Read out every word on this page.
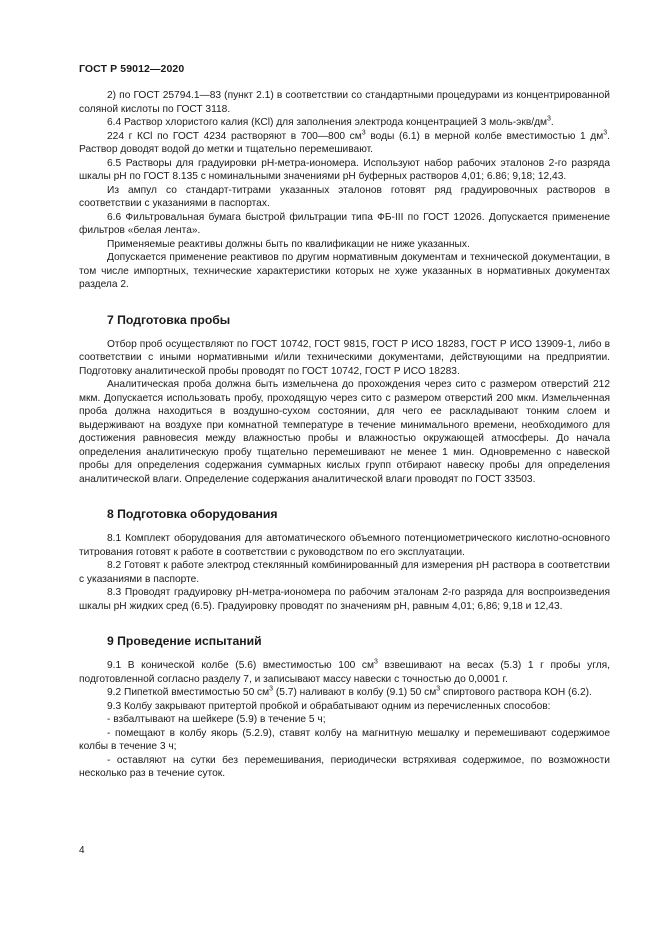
ГОСТ Р 59012—2020

2) по ГОСТ 25794.1—83 (пункт 2.1) в соответствии со стандартными процедурами из концентрированной соляной кислоты по ГОСТ 3118.

6.4 Раствор хлористого калия (КСl) для заполнения электрода концентрацией 3 моль-$экв/дм^3$.

224 г КСl по ГОСТ 4234 растворяют в 700—800 $см^3$ воды (6.1) в мерной колбе вместимостью 1 $дм^3$. Раствор доводят водой до метки и тщательно перемешивают.

6.5 Растворы для градуировки рН-метра-иономера. Используют набор рабочих эталонов 2-го разряда шкалы рН по ГОСТ 8.135 с номинальными значениями рН буферных растворов 4,01; 6.86; 9,18; 12,43.

Из ампул со стандарт-титрами указанных эталонов готовят ряд градуировочных растворов в соответствии с указаниями в паспортах.

6.6 Фильтровальная бумага быстрой фильтрации типа ФБ-III по ГОСТ 12026. Допускается применение фильтров «белая лента».

Применяемые реактивы должны быть по квалификации не ниже указанных.

Допускается применение реактивов по другим нормативным документам и технической документации, в том числе импортных, технические характеристики которых не хуже указанных в нормативных документах раздела 2.

7 Подготовка пробы

Отбор проб осуществляют по ГОСТ 10742, ГОСТ 9815, ГОСТ Р ИСО 18283, ГОСТ Р ИСО 13909-1, либо в соответствии с иными нормативными и/или техническими документами, действующими на предприятии. Подготовку аналитической пробы проводят по ГОСТ 10742, ГОСТ Р ИСО 18283.

Аналитическая проба должна быть измельчена до прохождения через сито с размером отверстий 212 мкм. Допускается использовать пробу, проходящую через сито с размером отверстий 200 мкм. Измельченная проба должна находиться в воздушно-сухом состоянии, для чего ее раскладывают тонким слоем и выдерживают на воздухе при комнатной температуре в течение минимального времени, необходимого для достижения равновесия между влажностью пробы и влажностью окружающей атмосферы. До начала определения аналитическую пробу тщательно перемешивают не менее 1 мин. Одновременно с навеской пробы для определения содержания суммарных кислых групп отбирают навеску пробы для определения аналитической влаги. Определение содержания аналитической влаги проводят по ГОСТ 33503.

8 Подготовка оборудования

8.1 Комплект оборудования для автоматического объемного потенциометрического кислотно-основного титрования готовят к работе в соответствии с руководством по его эксплуатации.

8.2 Готовят к работе электрод стеклянный комбинированный для измерения рН раствора в соответствии с указаниями в паспорте.

8.3 Проводят градуировку рН-метра-иономера по рабочим эталонам 2-го разряда для воспроизведения шкалы рН жидких сред (6.5). Градуировку проводят по значениям рН, равным 4,01; 6,86; 9,18 и 12,43.

9 Проведение испытаний

9.1 В конической колбе (5.6) вместимостью 100 $см^3$ взвешивают на весах (5.3) 1 г пробы угля, подготовленной согласно разделу 7, и записывают массу навески с точностью до 0,0001 г.

9.2 Пипеткой вместимостью 50 $см^3$ (5.7) наливают в колбу (9.1) 50 $см^3$ спиртового раствора КОН (6.2).

9.3 Колбу закрывают притертой пробкой и обрабатывают одним из перечисленных способов:

- взбалтывают на шейкере (5.9) в течение 5 ч;

- помещают в колбу якорь (5.2.9), ставят колбу на магнитную мешалку и перемешивают содержимое колбы в течение 3 ч;

- оставляют на сутки без перемешивания, периодически встряхивая содержимое, по возможности несколько раз в течение суток.

4
